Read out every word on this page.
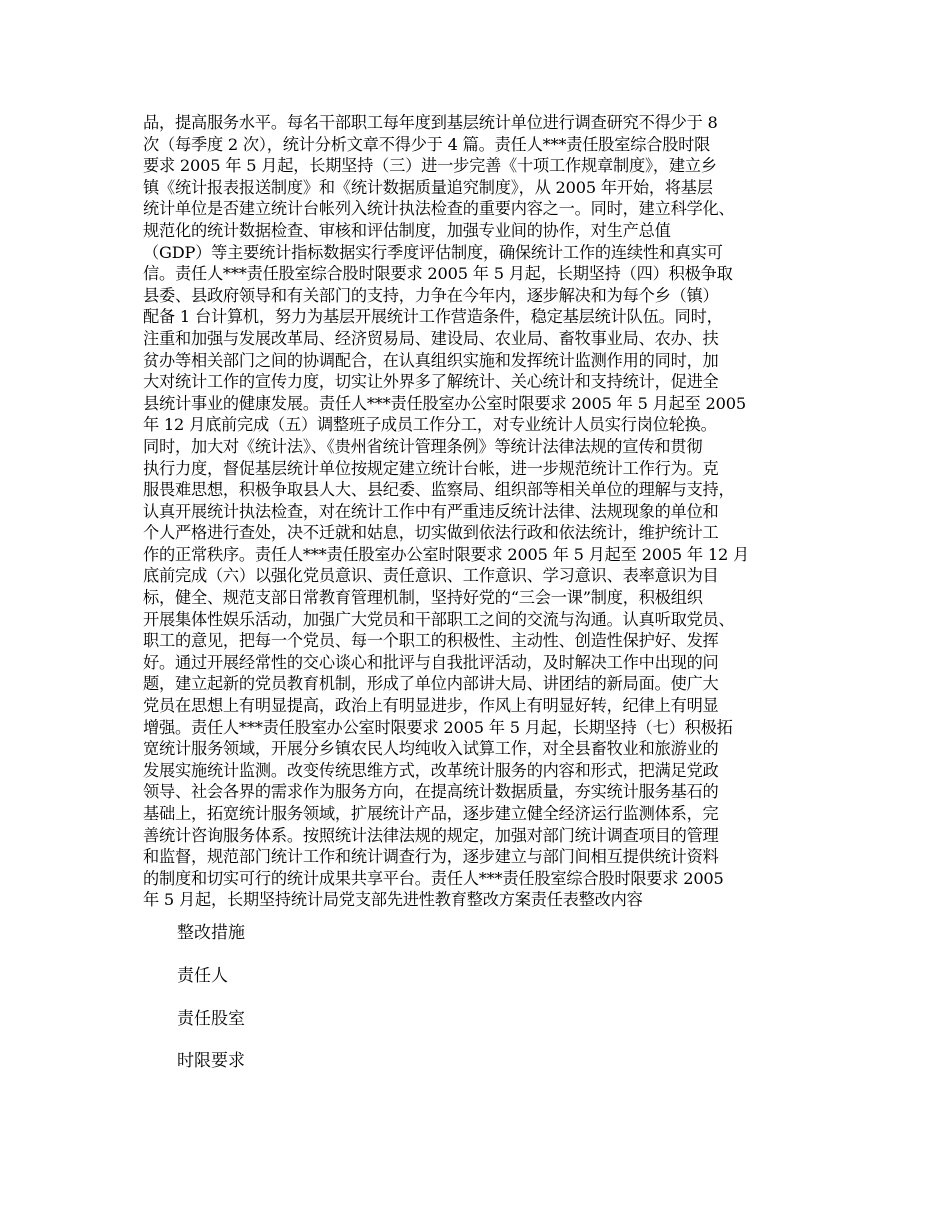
品，提高服务水平。每名干部职工每年度到基层统计单位进行调查研究不得少于 8
次（每季度 2 次），统计分析文章不得少于 4 篇。责任人***责任股室综合股时限
要求 2005 年 5 月起，长期坚持（三）进一步完善《十项工作规章制度》，建立乡
镇《统计报表报送制度》和《统计数据质量追究制度》，从 2005 年开始，将基层
统计单位是否建立统计台帐列入统计执法检查的重要内容之一。同时，建立科学化、
规范化的统计数据检查、审核和评估制度，加强专业间的协作，对生产总值
（GDP）等主要统计指标数据实行季度评估制度，确保统计工作的连续性和真实可
信。责任人***责任股室综合股时限要求 2005 年 5 月起，长期坚持（四）积极争取
县委、县政府领导和有关部门的支持，力争在今年内，逐步解决和为每个乡（镇）
配备 1 台计算机，努力为基层开展统计工作营造条件，稳定基层统计队伍。同时，
注重和加强与发展改革局、经济贸易局、建设局、农业局、畜牧事业局、农办、扶
贫办等相关部门之间的协调配合，在认真组织实施和发挥统计监测作用的同时，加
大对统计工作的宣传力度，切实让外界多了解统计、关心统计和支持统计，促进全
县统计事业的健康发展。责任人***责任股室办公室时限要求 2005 年 5 月起至 2005
年 12 月底前完成（五）调整班子成员工作分工，对专业统计人员实行岗位轮换。
同时，加大对《统计法》、《贵州省统计管理条例》等统计法律法规的宣传和贯彻
执行力度，督促基层统计单位按规定建立统计台帐，进一步规范统计工作行为。克
服畏难思想，积极争取县人大、县纪委、监察局、组织部等相关单位的理解与支持，
认真开展统计执法检查，对在统计工作中有严重违反统计法律、法规现象的单位和
个人严格进行查处，决不迁就和姑息，切实做到依法行政和依法统计，维护统计工
作的正常秩序。责任人***责任股室办公室时限要求 2005 年 5 月起至 2005 年 12 月
底前完成（六）以强化党员意识、责任意识、工作意识、学习意识、表率意识为目
标，健全、规范支部日常教育管理机制，坚持好党的“三会一课”制度，积极组织
开展集体性娱乐活动，加强广大党员和干部职工之间的交流与沟通。认真听取党员、
职工的意见，把每一个党员、每一个职工的积极性、主动性、创造性保护好、发挥
好。通过开展经常性的交心谈心和批评与自我批评活动，及时解决工作中出现的问
题，建立起新的党员教育机制，形成了单位内部讲大局、讲团结的新局面。使广大
党员在思想上有明显提高，政治上有明显进步，作风上有明显好转，纪律上有明显
增强。责任人***责任股室办公室时限要求 2005 年 5 月起，长期坚持（七）积极拓
宽统计服务领域，开展分乡镇农民人均纯收入试算工作，对全县畜牧业和旅游业的
发展实施统计监测。改变传统思维方式，改革统计服务的内容和形式，把满足党政
领导、社会各界的需求作为服务方向，在提高统计数据质量，夯实统计服务基石的
基础上，拓宽统计服务领域，扩展统计产品，逐步建立健全经济运行监测体系，完
善统计咨询服务体系。按照统计法律法规的规定，加强对部门统计调查项目的管理
和监督，规范部门统计工作和统计调查行为，逐步建立与部门间相互提供统计资料
的制度和切实可行的统计成果共享平台。责任人***责任股室综合股时限要求 2005
年 5 月起，长期坚持统计局党支部先进性教育整改方案责任表整改内容
整改措施
责任人
责任股室
时限要求
